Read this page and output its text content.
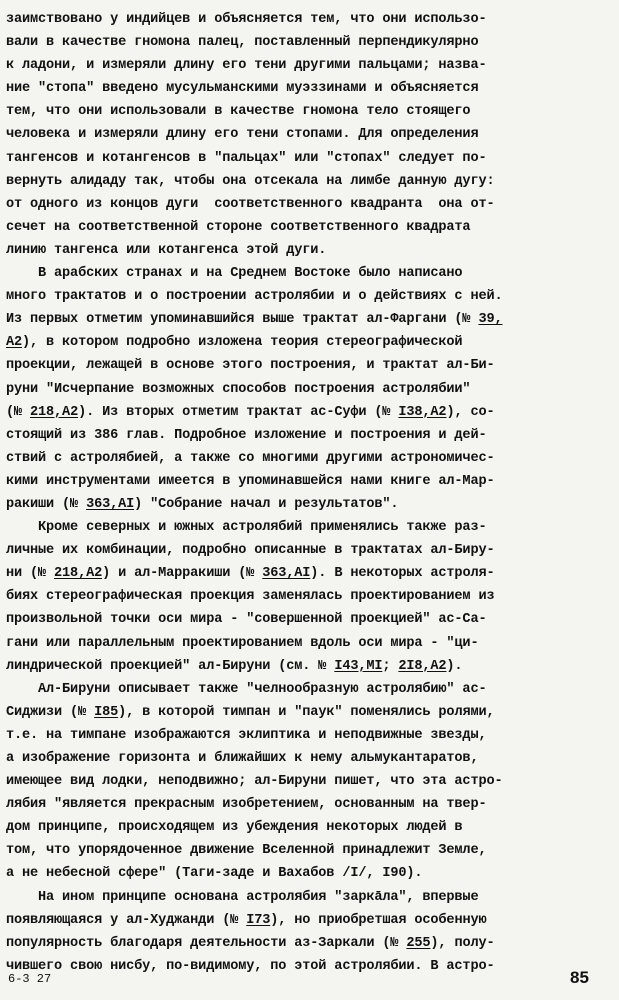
заимствовано у индийцев и объясняется тем, что они использо-
вали в качестве гномона палец, поставленный перпендикулярно
к ладони, и измеряли длину его тени другими пальцами; назва-
ние "стопа" введено мусульманскими муэззинами и объясняется
тем, что они использовали в качестве гномона тело стоящего
человека и измеряли длину его тени стопами. Для определения
тангенсов и котангенсов в "пальцах" или "стопах" следует по-
вернуть алидаду так, чтобы она отсекала на лимбе данную дугу:
от одного из концов дуги  соответственного квадранта  она от-
сечет на соответственной стороне соответственного квадрата
линию тангенса или котангенса этой дуги.
В арабских странах и на Среднем Востоке было написано
много трактатов и о построении астролябии и о действиях с ней.
Из первых отметим упоминавшийся выше трактат ал-Фаргани (№ 39,
A2), в котором подробно изложена теория стереографической
проекции, лежащей в основе этого построения, и трактат ал-Би-
руни "Исчерпание возможных способов построения астролябии"
(№ 218,A2). Из вторых отметим трактат ас-Суфи (№ I38,A2), со-
стоящий из 386 глав. Подробное изложение и построения и дей-
ствий с астролябией, а также со многими другими астрономичес-
кими инструментами имеется в упоминавшейся нами книге ал-Мар-
ракиши (№ 363,AI) "Собрание начал и результатов".
Кроме северных и южных астролябий применялись также раз-
личные их комбинации, подробно описанные в трактатах ал-Биру-
ни (№ 218,A2) и ал-Марракиши (№ 363,AI). В некоторых астроля-
биях стереографическая проекция заменялась проектированием из
произвольной точки оси мира - "совершенной проекцией" ас-Са-
гани или параллельным проектированием вдоль оси мира - "ци-
линдрической проекцией" ал-Бируни (см. № I43,MI; 2I8,A2).
Ал-Бируни описывает также "челнообразную астролябию" ас-
Сиджизи (№ I85), в которой тимпан и "паук" поменялись ролями,
т.е. на тимпане изображаются эклиптика и неподвижные звезды,
а изображение горизонта и ближайших к нему альмукантаратов,
имеющее вид лодки, неподвижно; ал-Бируни пишет, что эта астро-
лябия "является прекрасным изобретением, основанным на твер-
дом принципе, происходящем из убеждения некоторых людей в
том, что упорядоченное движение Вселенной принадлежит Земле,
а не небесной сфере" (Таги-заде и Вахабов /I/, I90).
На ином принципе основана астролябия "заркāла", впервые
появляющаяся у ал-Худжанди (№ I73), но приобретшая особенную
популярность благодаря деятельности аз-Заркали (№ 255), полу-
чившего свою нисбу, по-видимому, по этой астролябии. В астро-
6-3 27	85
